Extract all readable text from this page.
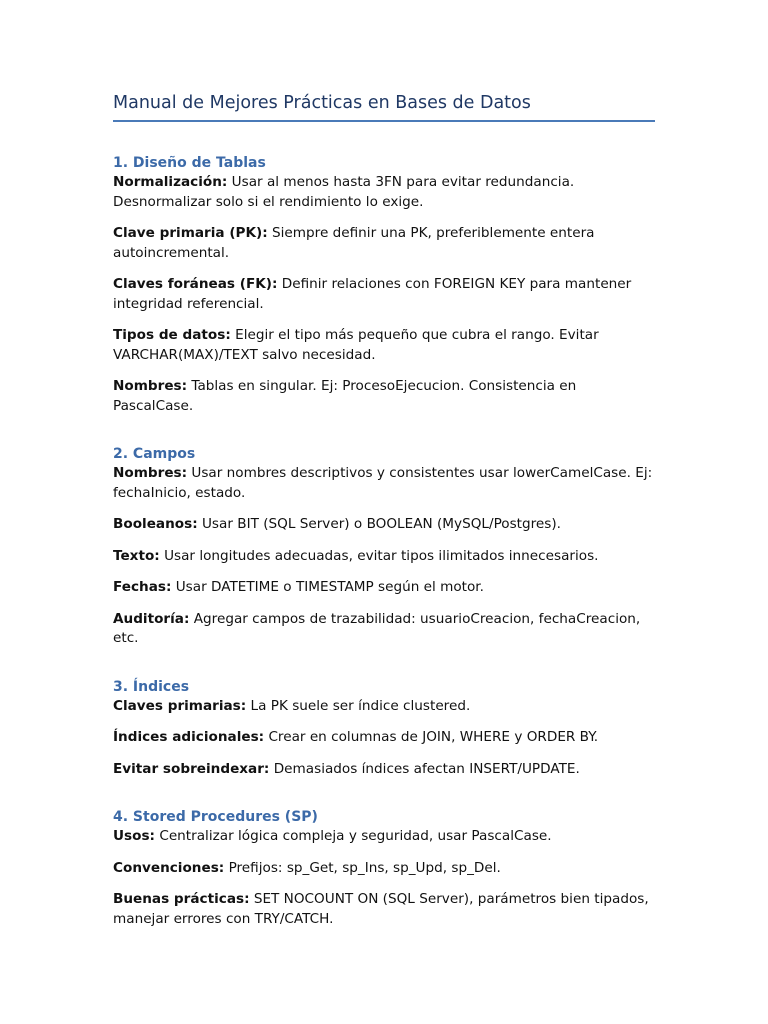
Manual de Mejores Prácticas en Bases de Datos
1. Diseño de Tablas

Normalización: Usar al menos hasta 3FN para evitar redundancia. Desnormalizar solo si el rendimiento lo exige.

Clave primaria (PK): Siempre definir una PK, preferiblemente entera autoincremental.

Claves foráneas (FK): Definir relaciones con FOREIGN KEY para mantener integridad referencial.

Tipos de datos: Elegir el tipo más pequeño que cubra el rango. Evitar VARCHAR(MAX)/TEXT salvo necesidad.

Nombres: Tablas en singular. Ej: ProcesoEjecucion. Consistencia en PascalCase.

2. Campos

Nombres: Usar nombres descriptivos y consistentes usar lowerCamelCase. Ej: fechaInicio, estado.

Booleanos: Usar BIT (SQL Server) o BOOLEAN (MySQL/Postgres).

Texto: Usar longitudes adecuadas, evitar tipos ilimitados innecesarios.

Fechas: Usar DATETIME o TIMESTAMP según el motor.

Auditoría: Agregar campos de trazabilidad: usuarioCreacion, fechaCreacion, etc.

3. Índices

Claves primarias: La PK suele ser índice clustered.

Índices adicionales: Crear en columnas de JOIN, WHERE y ORDER BY.

Evitar sobreindexar: Demasiados índices afectan INSERT/UPDATE.

4. Stored Procedures (SP)

Usos: Centralizar lógica compleja y seguridad, usar PascalCase.

Convenciones: Prefijos: sp_Get, sp_Ins, sp_Upd, sp_Del.

Buenas prácticas: SET NOCOUNT ON (SQL Server), parámetros bien tipados, manejar errores con TRY/CATCH.
